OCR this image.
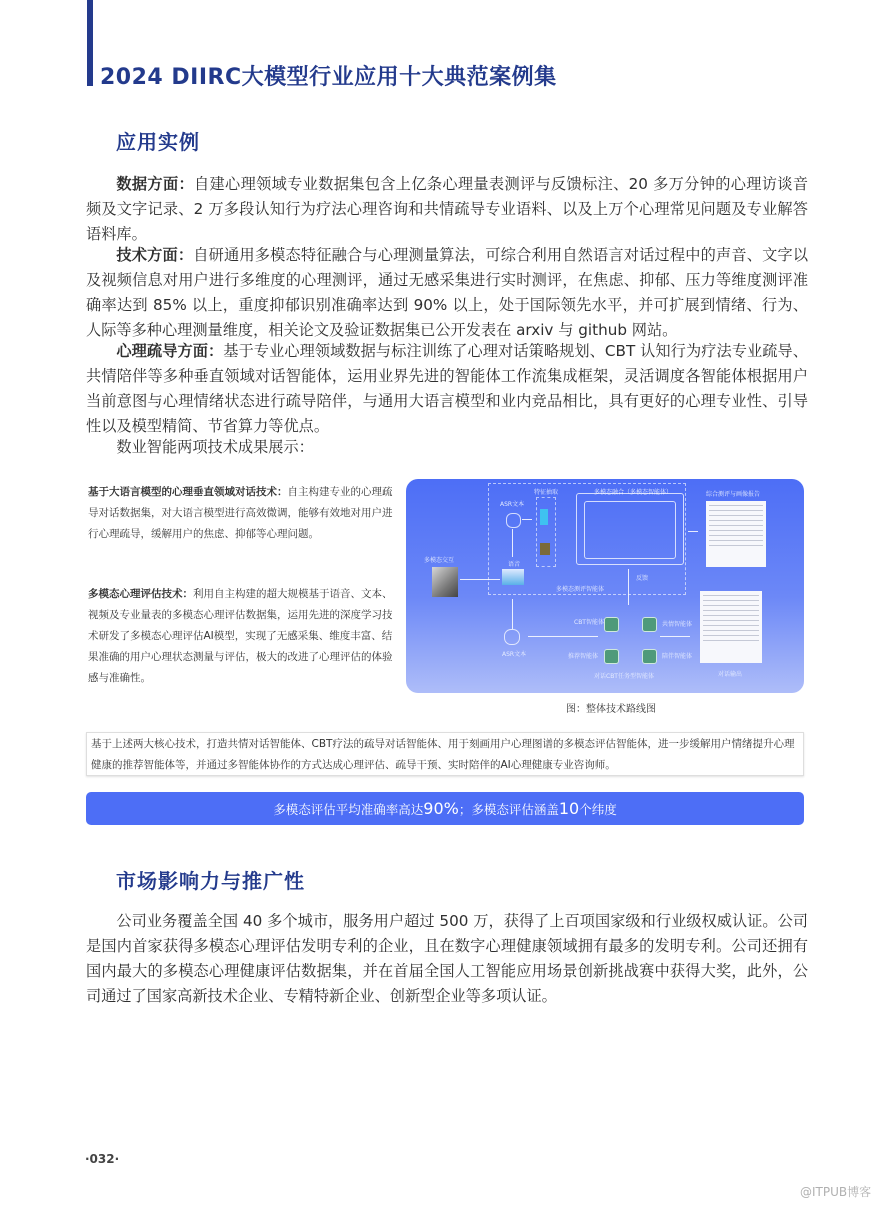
2024 DIIRC大模型行业应用十大典范案例集
应用实例
数据方面：自建心理领域专业数据集包含上亿条心理量表测评与反馈标注、20 多万分钟的心理访谈音频及文字记录、2 万多段认知行为疗法心理咨询和共情疏导专业语料、以及上万个心理常见问题及专业解答语料库。
技术方面：自研通用多模态特征融合与心理测量算法，可综合利用自然语言对话过程中的声音、文字以及视频信息对用户进行多维度的心理测评，通过无感采集进行实时测评，在焦虑、抑郁、压力等维度测评准确率达到 85% 以上，重度抑郁识别准确率达到 90% 以上，处于国际领先水平，并可扩展到情绪、行为、人际等多种心理测量维度，相关论文及验证数据集已公开发表在 arxiv 与 github 网站。
心理疏导方面：基于专业心理领域数据与标注训练了心理对话策略规划、CBT 认知行为疗法专业疏导、共情陪伴等多种垂直领域对话智能体，运用业界先进的智能体工作流集成框架，灵活调度各智能体根据用户当前意图与心理情绪状态进行疏导陪伴，与通用大语言模型和业内竞品相比，具有更好的心理专业性、引导性以及模型精简、节省算力等优点。
数业智能两项技术成果展示：
基于大语言模型的心理垂直领域对话技术：自主构建专业的心理疏导对话数据集，对大语言模型进行高效微调，能够有效地对用户进行心理疏导，缓解用户的焦虑、抑郁等心理问题。
多模态心理评估技术：利用自主构建的超大规模基于语音、文本、视频及专业量表的多模态心理评估数据集，运用先进的深度学习技术研发了多模态心理评估AI模型，实现了无感采集、维度丰富、结果准确的用户心理状态测量与评估，极大的改进了心理评估的体验感与准确性。
特征抽取	多模态融合（多模态智能体）
ASR文本
多模态交互
语音
多模态测评智能体
反馈
综合测评与画像报告
ASR文本
CBT智能体	共情智能体
推荐智能体	陪伴智能体
对话CBT任务型智能体	对话输出
图：整体技术路线图
基于上述两大核心技术，打造共情对话智能体、CBT疗法的疏导对话智能体、用于刻画用户心理图谱的多模态评估智能体，进一步缓解用户情绪提升心理健康的推荐智能体等，并通过多智能体协作的方式达成心理评估、疏导干预、实时陪伴的AI心理健康专业咨询师。
多模态评估平均准确率高达90%；多模态评估涵盖10个纬度
市场影响力与推广性
公司业务覆盖全国 40 多个城市，服务用户超过 500 万，获得了上百项国家级和行业级权威认证。公司是国内首家获得多模态心理评估发明专利的企业，且在数字心理健康领域拥有最多的发明专利。公司还拥有国内最大的多模态心理健康评估数据集，并在首届全国人工智能应用场景创新挑战赛中获得大奖，此外，公司通过了国家高新技术企业、专精特新企业、创新型企业等多项认证。
·032·
@ITPUB博客
